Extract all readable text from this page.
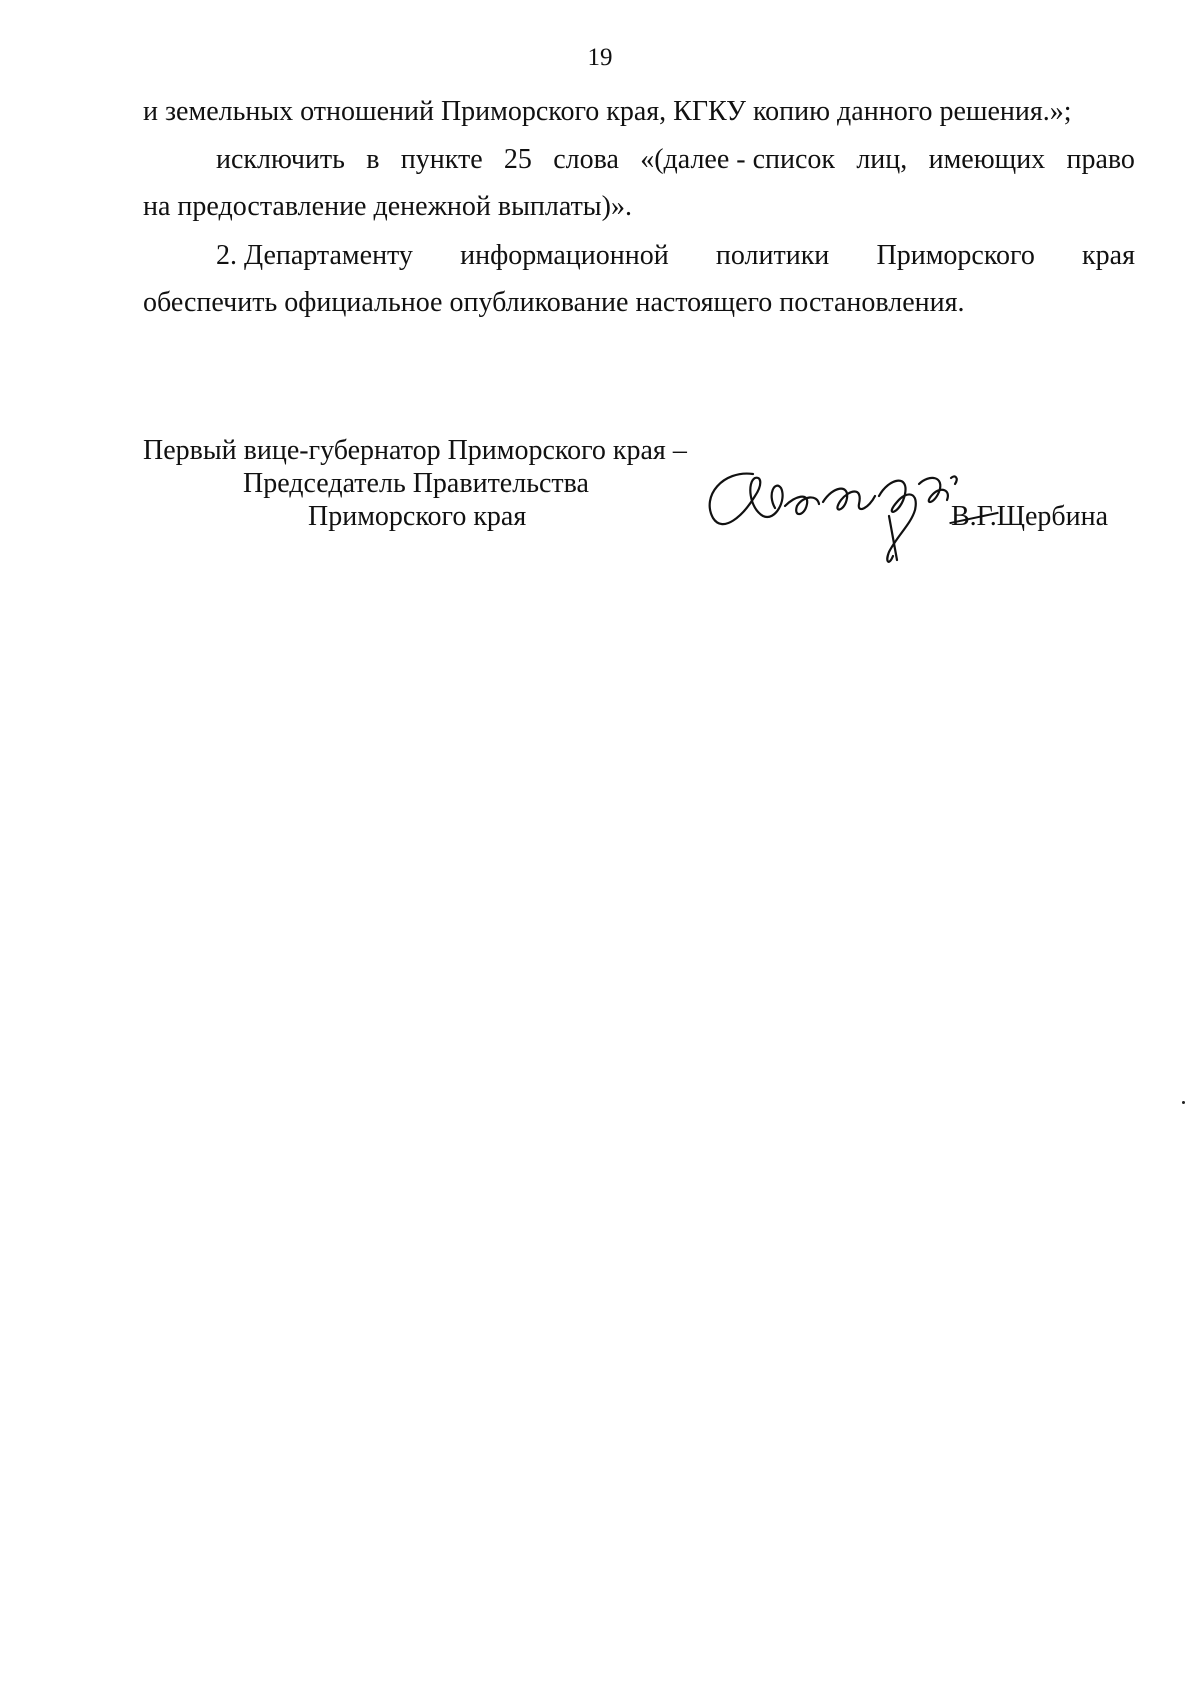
19
и земельных отношений Приморского края, КГКУ копию данного решения.»;
исключить в пункте 25 слова «(далее - список лиц, имеющих право
на предоставление денежной выплаты)».
2. Департаменту информационной политики Приморского края
обеспечить официальное опубликование настоящего постановления.
Первый вице-губернатор Приморского края –
Председатель Правительства
Приморского края	В.Г.Щербина
